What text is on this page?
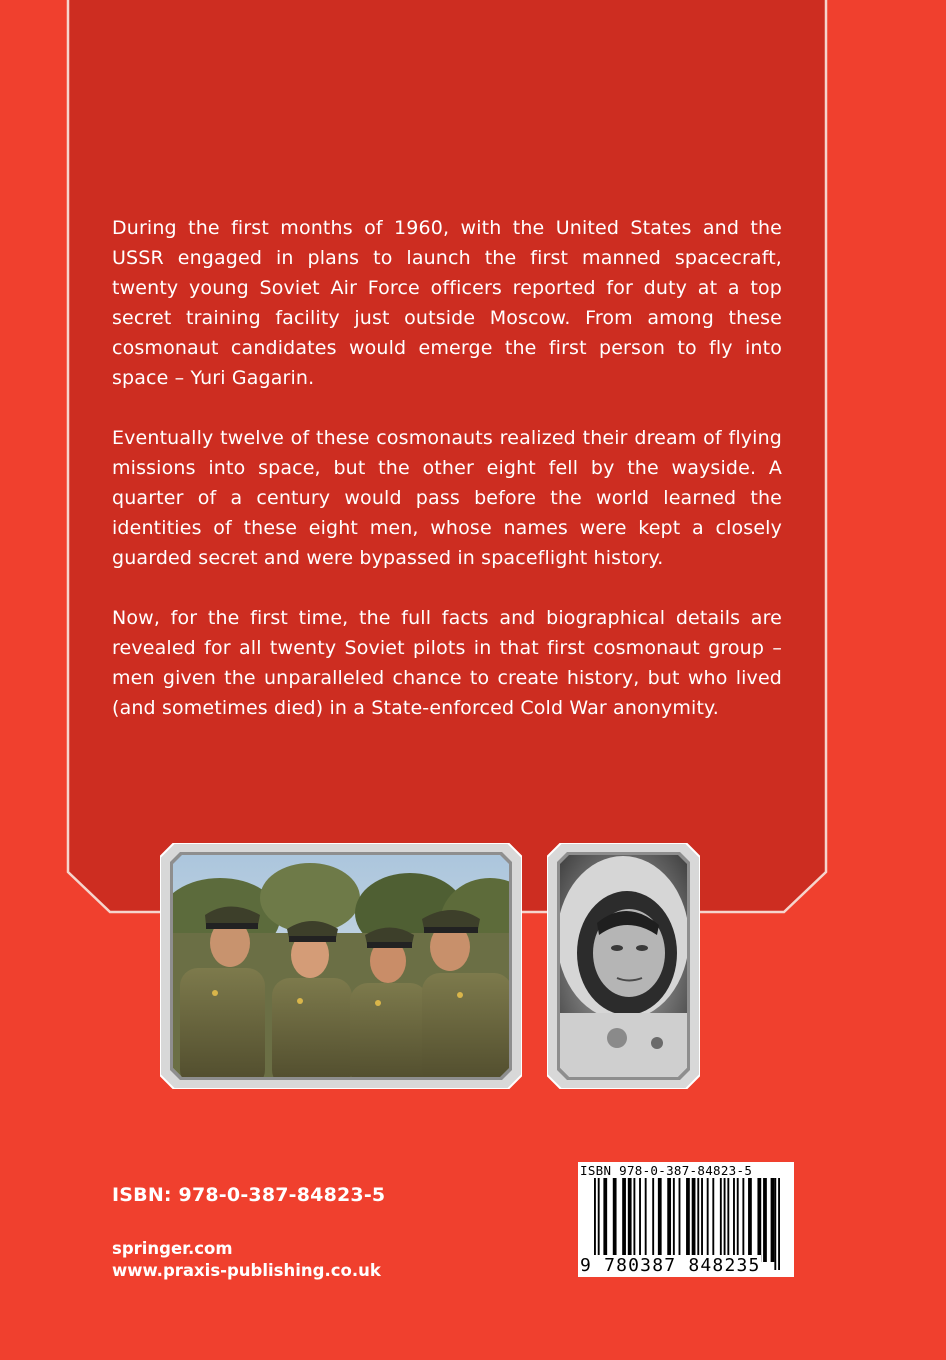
During the first months of 1960, with the United States and the USSR engaged in plans to launch the first manned spacecraft, twenty young Soviet Air Force officers reported for duty at a top secret training facility just outside Moscow. From among these cosmonaut candidates would emerge the first person to fly into space – Yuri Gagarin.

Eventually twelve of these cosmonauts realized their dream of flying missions into space, but the other eight fell by the wayside. A quarter of a century would pass before the world learned the identities of these eight men, whose names were kept a closely guarded secret and were bypassed in spaceflight history.

Now, for the first time, the full facts and biographical details are revealed for all twenty Soviet pilots in that first cosmonaut group – men given the unparalleled chance to create history, but who lived (and sometimes died) in a State-enforced Cold War anonymity.

ISBN: 978-0-387-84823-5
springer.com
www.praxis-publishing.co.uk
ISBN 978-0-387-84823-5
9 780387 848235
